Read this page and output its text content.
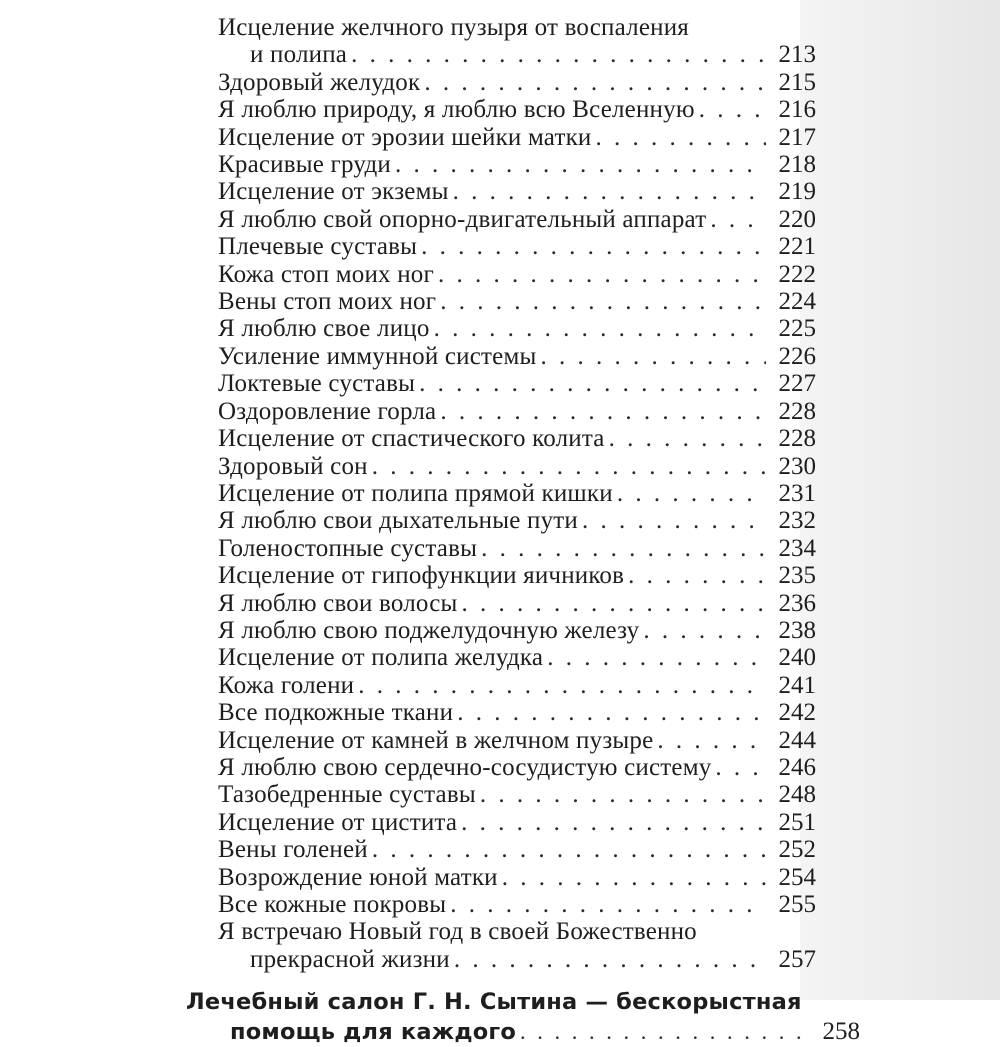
Исцеление желчного пузыря от воспаления
и полипа . . .	213
Здоровый желудок . . .	215
Я люблю природу, я люблю всю Вселенную . . .	216
Исцеление от эрозии шейки матки . . .	217
Красивые груди . . .	218
Исцеление от экземы . . .	219
Я люблю свой опорно-двигательный аппарат . . .	220
Плечевые суставы . . .	221
Кожа стоп моих ног . . .	222
Вены стоп моих ног . . .	224
Я люблю свое лицо . . .	225
Усиление иммунной системы . . .	226
Локтевые суставы . . .	227
Оздоровление горла . . .	228
Исцеление от спастического колита . . .	228
Здоровый сон . . .	230
Исцеление от полипа прямой кишки . . .	231
Я люблю свои дыхательные пути . . .	232
Голеностопные суставы . . .	234
Исцеление от гипофункции яичников . . .	235
Я люблю свои волосы . . .	236
Я люблю свою поджелудочную железу . . .	238
Исцеление от полипа желудка . . .	240
Кожа голени . . .	241
Все подкожные ткани . . .	242
Исцеление от камней в желчном пузыре . . .	244
Я люблю свою сердечно-сосудистую систему . . .	246
Тазобедренные суставы . . .	248
Исцеление от цистита . . .	251
Вены голеней . . .	252
Возрождение юной матки . . .	254
Все кожные покровы . . .	255
Я встречаю Новый год в своей Божественно
прекрасной жизни . . .	257
Лечебный салон Г. Н. Сытина — бескорыстная
помощь для каждого . . .	258
